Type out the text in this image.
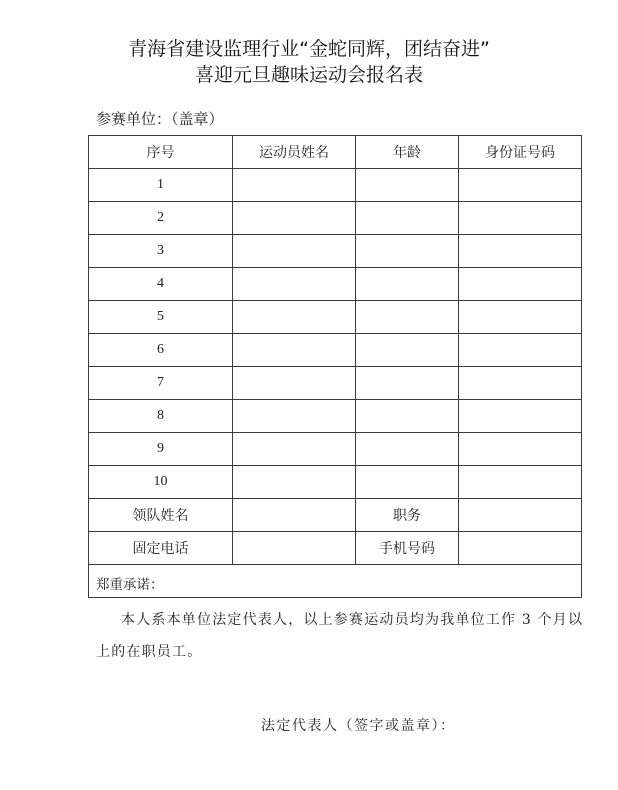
青海省建设监理行业“金蛇同辉，团结奋进”
喜迎元旦趣味运动会报名表
参赛单位：（盖章）
序号	运动员姓名	年龄	身份证号码
1			
2			
3			
4			
5			
6			
7			
8			
9			
10			
领队姓名		职务	
固定电话		手机号码	

郑重承诺：
本人系本单位法定代表人，以上参赛运动员均为我单位工作 3 个月以
上的在职员工。
法定代表人（签字或盖章）：			
